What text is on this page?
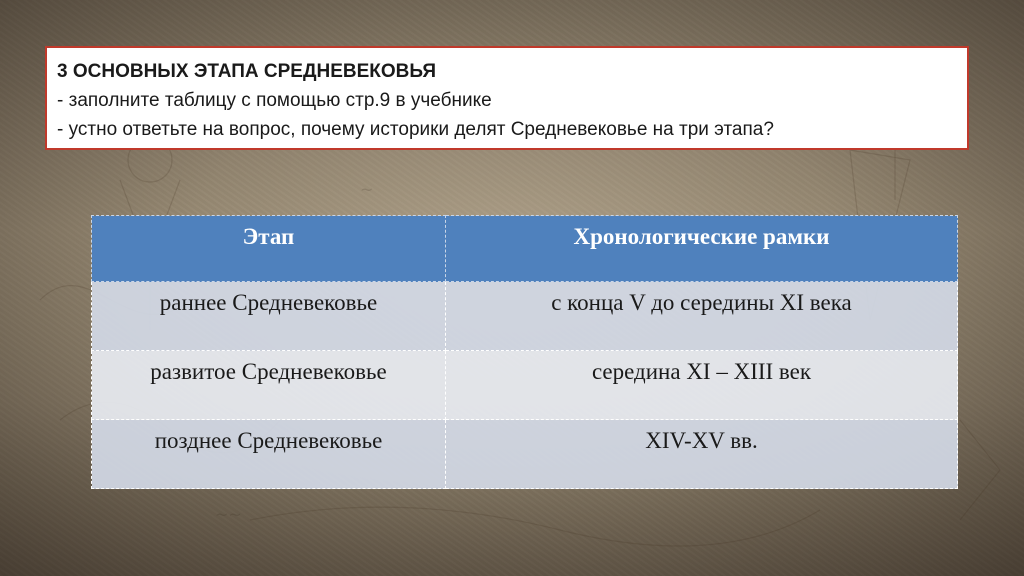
~
~~
3 ОСНОВНЫХ ЭТАПА СРЕДНЕВЕКОВЬЯ
- заполните таблицу с помощью стр.9 в учебнике
- устно ответьте на вопрос, почему историки делят Средневековье на три этапа?
Этап	Хронологические рамки
раннее Средневековье	с конца V до середины XI века
развитое Средневековье	середина XI – XIII век
позднее Средневековье	XIV-XV вв.
